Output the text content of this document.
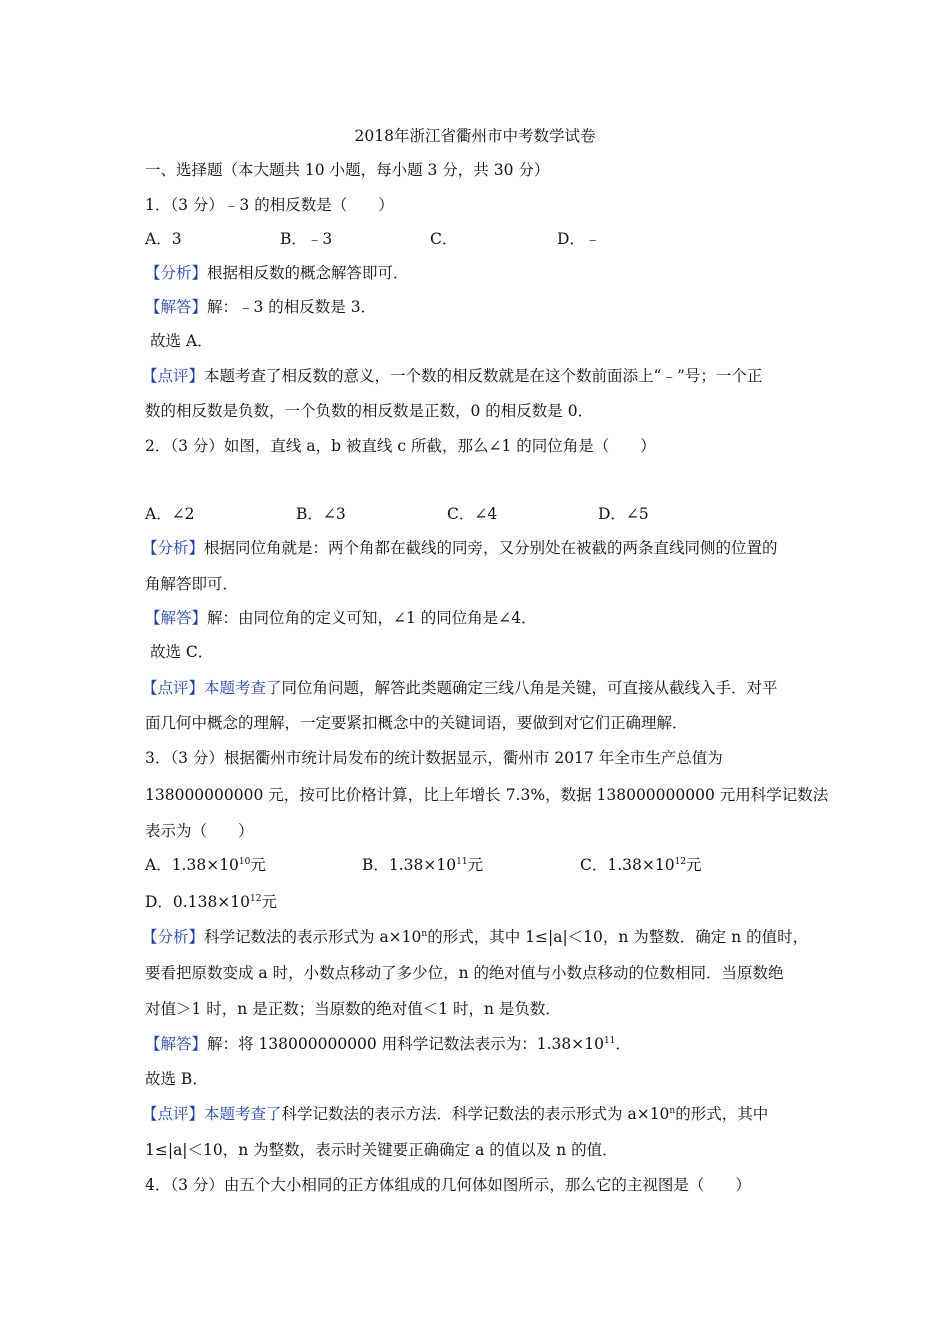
2018年浙江省衢州市中考数学试卷
一、选择题（本大题共 10 小题，每小题 3 分，共 30 分）
1．（3 分）﹣3 的相反数是（　　）
A．3	B．﹣3	C．	D．﹣
【分析】根据相反数的概念解答即可．
【解答】解：﹣3 的相反数是 3．
故选 A．
【点评】本题考查了相反数的意义，一个数的相反数就是在这个数前面添上“﹣”号；一个正
数的相反数是负数，一个负数的相反数是正数，0 的相反数是 0．
2．（3 分）如图，直线 a，b 被直线 c 所截，那么∠1 的同位角是（　　）
A．∠2	B．∠3	C．∠4	D．∠5
【分析】根据同位角就是：两个角都在截线的同旁，又分别处在被截的两条直线同侧的位置的
角解答即可．
【解答】解：由同位角的定义可知，∠1 的同位角是∠4．
故选 C．
【点评】本题考查了同位角问题，解答此类题确定三线八角是关键，可直接从截线入手．对平
面几何中概念的理解，一定要紧扣概念中的关键词语，要做到对它们正确理解．
3．（3 分）根据衢州市统计局发布的统计数据显示，衢州市 2017 年全市生产总值为
138000000000 元，按可比价格计算，比上年增长 7.3%，数据 138000000000 元用科学记数法
表示为（　　）
A．$1.38\times 10^{10}$元	B．$1.38\times 10^{11}$元	C．$1.38\times 10^{12}$元
D．$0.138\times 10^{12}$元
【分析】科学记数法的表示形式为 $a\times 10^n$的形式，其中 1≤|a|＜10，n 为整数．确定 n 的值时，
要看把原数变成 a 时，小数点移动了多少位，n 的绝对值与小数点移动的位数相同．当原数绝
对值＞1 时，n 是正数；当原数的绝对值＜1 时，n 是负数．
【解答】解：将 138000000000 用科学记数法表示为：$1.38\times 10^{11}$．
故选 B．
【点评】本题考查了科学记数法的表示方法．科学记数法的表示形式为 $a\times 10^n$的形式，其中
1≤|a|＜10，n 为整数，表示时关键要正确确定 a 的值以及 n 的值．
4．（3 分）由五个大小相同的正方体组成的几何体如图所示，那么它的主视图是（　　）
